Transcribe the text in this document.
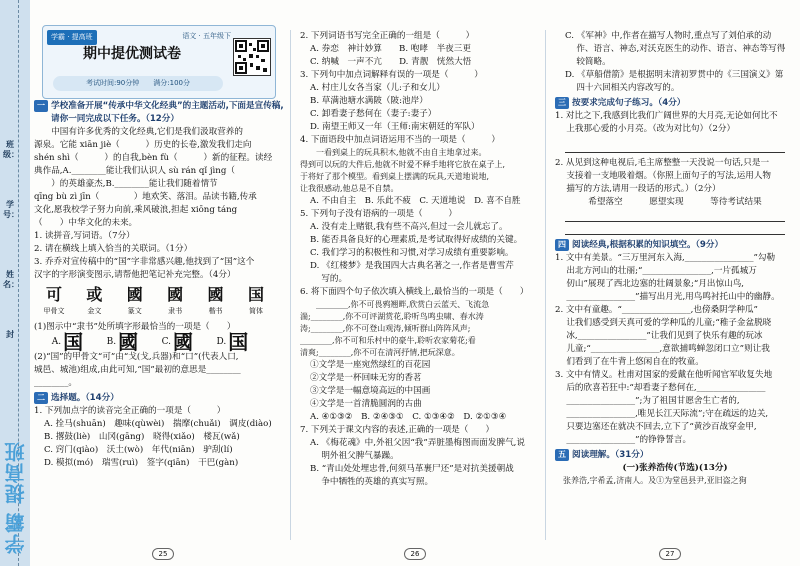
班级：
学号：
姓名：
封
学霸 提高班
学霸 · 提高班	语文 · 五年级下
期中提优测试卷
考试时间:90分钟　　满分:100分
一 学校准备开展“传承中华文化经典”的主题活动,下面是宣传稿,请你一同完成以下任务。（12分）

　　中国有许多优秀的文化经典,它们是我们汲取营养的

源泉。它能 xiān jiè（　　　）历史的长卷,激发我们走向

shén shì（　　　）的自我,bèn fù（　　　）新的征程。读经

典作品,A.________能让我们认识人 sù rán qǐ jìng（　　

　　）的英雄豪杰,B.________能让我们随着情节

qīng bù zì jīn（　　　　）地欢笑、落泪。品读书籍,传承

文化,愿我校学子努力向前,乘风破浪,担起 xiōng táng

（　　）中华文化的未来。

1. 读拼音,写词语。（7分）

2. 请在横线上填入恰当的关联词。（1分）

3. 乔乔对宣传稿中的“国”字非常感兴趣,他找到了“国”这个

汉字的字形演变图示,请帮他把笔记补充完整。（4分）

可
甲骨文
或
金文
國
篆文
國
隶书
國
楷书
国
简体

(1)图示中“隶书”处所填字形最恰当的一项是（　　）

A. 国	B. 國	C. 國	D. 国

(2)“国”的甲骨文“可”由“戈(戈,兵器)和“口”(代表人口,

城邑、城池)组成,由此可知,“国”最初的意思是________

________。

二 选择题。（14分）

1. 下列加点字的读音完全正确的一项是（　　　）

A. 拴马(shuān)　趣味(qùwèi)　揣摩(chuǎi)　调皮(diào)

B. 撂鼓(liè)　山冈(gāng)　晓得(xiǎo)　楼瓦(wǎ)

C. 窍门(qiào)　沃土(wò)　年代(niān)　驴刮(lí)

D. 模拟(mó)　瑞雪(ruì)　签字(qiān)　干巴(gàn)

25

2. 下列词语书写完全正确的一组是（　　　）

A. 券恋　神计妙算　　B. 咆哮　半夜三更

C. 纳喊　一声不亢　　D. 青靓　恍然大悟

3. 下列句中加点词解释有误的一项是（　　　）

A. 村庄儿女各当家（儿:子和女儿）

B. 草满池塘水满陂（陂:池岸）

C. 卸看妻子愁何在（妻子:妻子）

D. 南望王师又一年（王师:南宋朝廷的军队）

4. 下面语段中加点词语运用不当的一项是（　　　）

　　一看到桌上的玩具积木,他就不由自主地拿过来。

得到可以玩的大件后,他就不时爱不释手地将它放在桌子上,

于将好了那个模型。看到桌上摆满的玩具,天道地说地,

让我很感动,他总是不自禁。

A. 不由自主　B. 乐此不疲　C. 天道地说　D. 喜不自胜

5. 下列句子没有语病的一项是（　　　）

A. 没有走上赌银,我有些不高兴,但过一会儿就忘了。

B. 能否具备良好的心理素质,是考试取得好成绩的关键。

C. 我们学习的积极性和习惯,对学习成绩有重要影响。

D. 《红楼梦》是我国四大古典名著之一,作者是曹雪芹

　 写的。

6. 将下面四个句子依次填入横线上,最恰当的一项是（　　）

　　________,你不可畏鸦翘畔,欣赏白云蓝天、飞流急

湍;________,你不可评湖赏花,聆听鸟鸣虫啸、春水涛

涛;________,你不可登山观涛,倾听群山阵阵风声;

________,你不可和乐村中的豪牛,聆听农家菊花;看

清爽;________,你不可在清河抒情,把玩深意。

①文学是一座宛然绿红的百花园

②文学是一杯回味无穷的香茗

③文学是一幅意境高远的中国画

④文学是一首清脆圆润的古曲

A. ④①③②　B. ②④③①　C. ①③④②　D. ②①③④

7. 下列关于课文内容的表述,正确的一项是（　　）

A. 《梅花魂》中,外祖父因“我”弄脏墨梅图而面发脾气,说

　 明外祖父脾气暴躁。

B. “青山处处埋忠骨,何须马革裹尸还”是对抗美援朝战

　 争中牺牲的英雄的真实写照。

26

C. 《军神》中,作者在描写人物时,重点写了刘伯承的动

　 作、语言、神态,对沃克医生的动作、语言、神态等写得

　 较简略。

D. 《草船借箭》是根据明末清初罗贯中的《三国演义》第

　 四十六回相关内容改写的。

三 按要求完成句子练习。（4分）

1. 对比之下,我感到比我们广阔世界的大月亮,无论如何比不

　 上我那心爱的小月亮。（改为对比句）（2分）

2. 从见到这种电视后,毛主席整整一天没说一句话,只是一

　 支接着一支地吸着烟。（你照上面句子的写法,运用人物

　 描写的方法,请用一段话的形式。）（2分）

希望落空	愿望实现	等待考试结果
四 阅读经典,根据积累的知识填空。（9分）

1. 文中有美景。“三万里河东入海,________________”勾勒

　 出北方河山的壮丽;“________________,一片孤城万

　 仞山”展现了西北边塞的壮阔景象;“月出惊山鸟,

　 ________________”描写出月光,用鸟鸣衬托山中的幽静。

2. 文中有童趣。“________________,也傍桑阴学种瓜”

　 让我们感受到天真可爱的学种瓜的儿童;“稚子金盆脱晓

　 冰,________________”让我们见到了快乐有趣的玩冰

　 儿童;“________________,意欲捕鸣蝉忽闭口立”则让我

　 们看到了在牛背上悠闲自在的牧童。

3. 文中有情义。杜甫对国家的爱戴在他听闻官军收复失地

　 后的欣喜若狂中:“却看妻子愁何在,________________

　 ________________”;为了祖国甘愿舍生亡者的,

　 ________________,唯见长江天际流”;守在疏远的边关,

　 只要边塞还在就决不回去,立下了“黄沙百战穿金甲,

　 ________________”的铮铮誓言。

五 阅读理解。（31分）

(一)张养浩传(节选)(13分)

　张养浩,字希孟,济南人。及①为堂邑县尹,亚旧盗之狗

27
